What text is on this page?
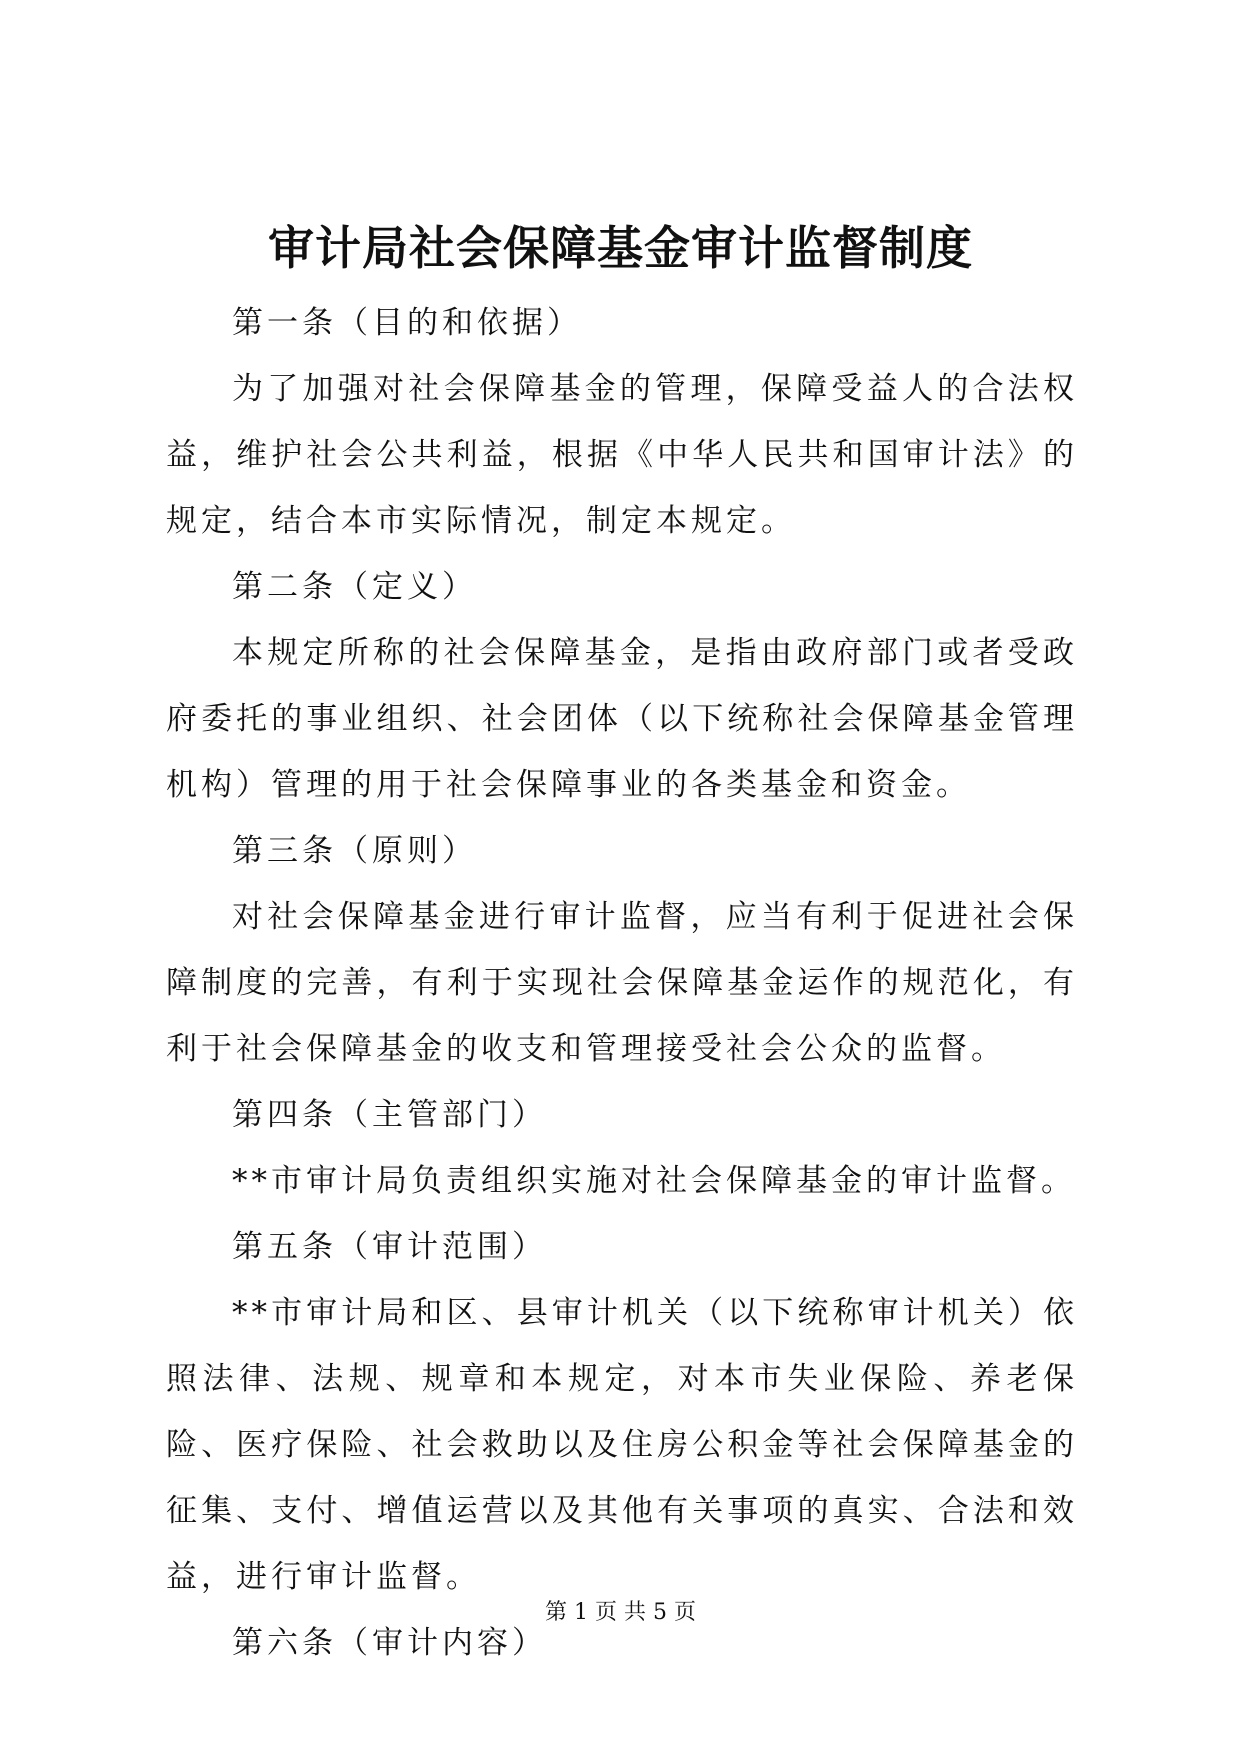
审计局社会保障基金审计监督制度

第一条（目的和依据）

为了加强对社会保障基金的管理，保障受益人的合法权益，维护社会公共利益，根据《中华人民共和国审计法》的规定，结合本市实际情况，制定本规定。

第二条（定义）

本规定所称的社会保障基金，是指由政府部门或者受政府委托的事业组织、社会团体（以下统称社会保障基金管理机构）管理的用于社会保障事业的各类基金和资金。

第三条（原则）

对社会保障基金进行审计监督，应当有利于促进社会保障制度的完善，有利于实现社会保障基金运作的规范化，有利于社会保障基金的收支和管理接受社会公众的监督。

第四条（主管部门）

**市审计局负责组织实施对社会保障基金的审计监督。

第五条（审计范围）

**市审计局和区、县审计机关（以下统称审计机关）依照法律、法规、规章和本规定，对本市失业保险、养老保险、医疗保险、社会救助以及住房公积金等社会保障基金的征集、支付、增值运营以及其他有关事项的真实、合法和效益，进行审计监督。

第六条（审计内容）

第 1 页 共 5 页
